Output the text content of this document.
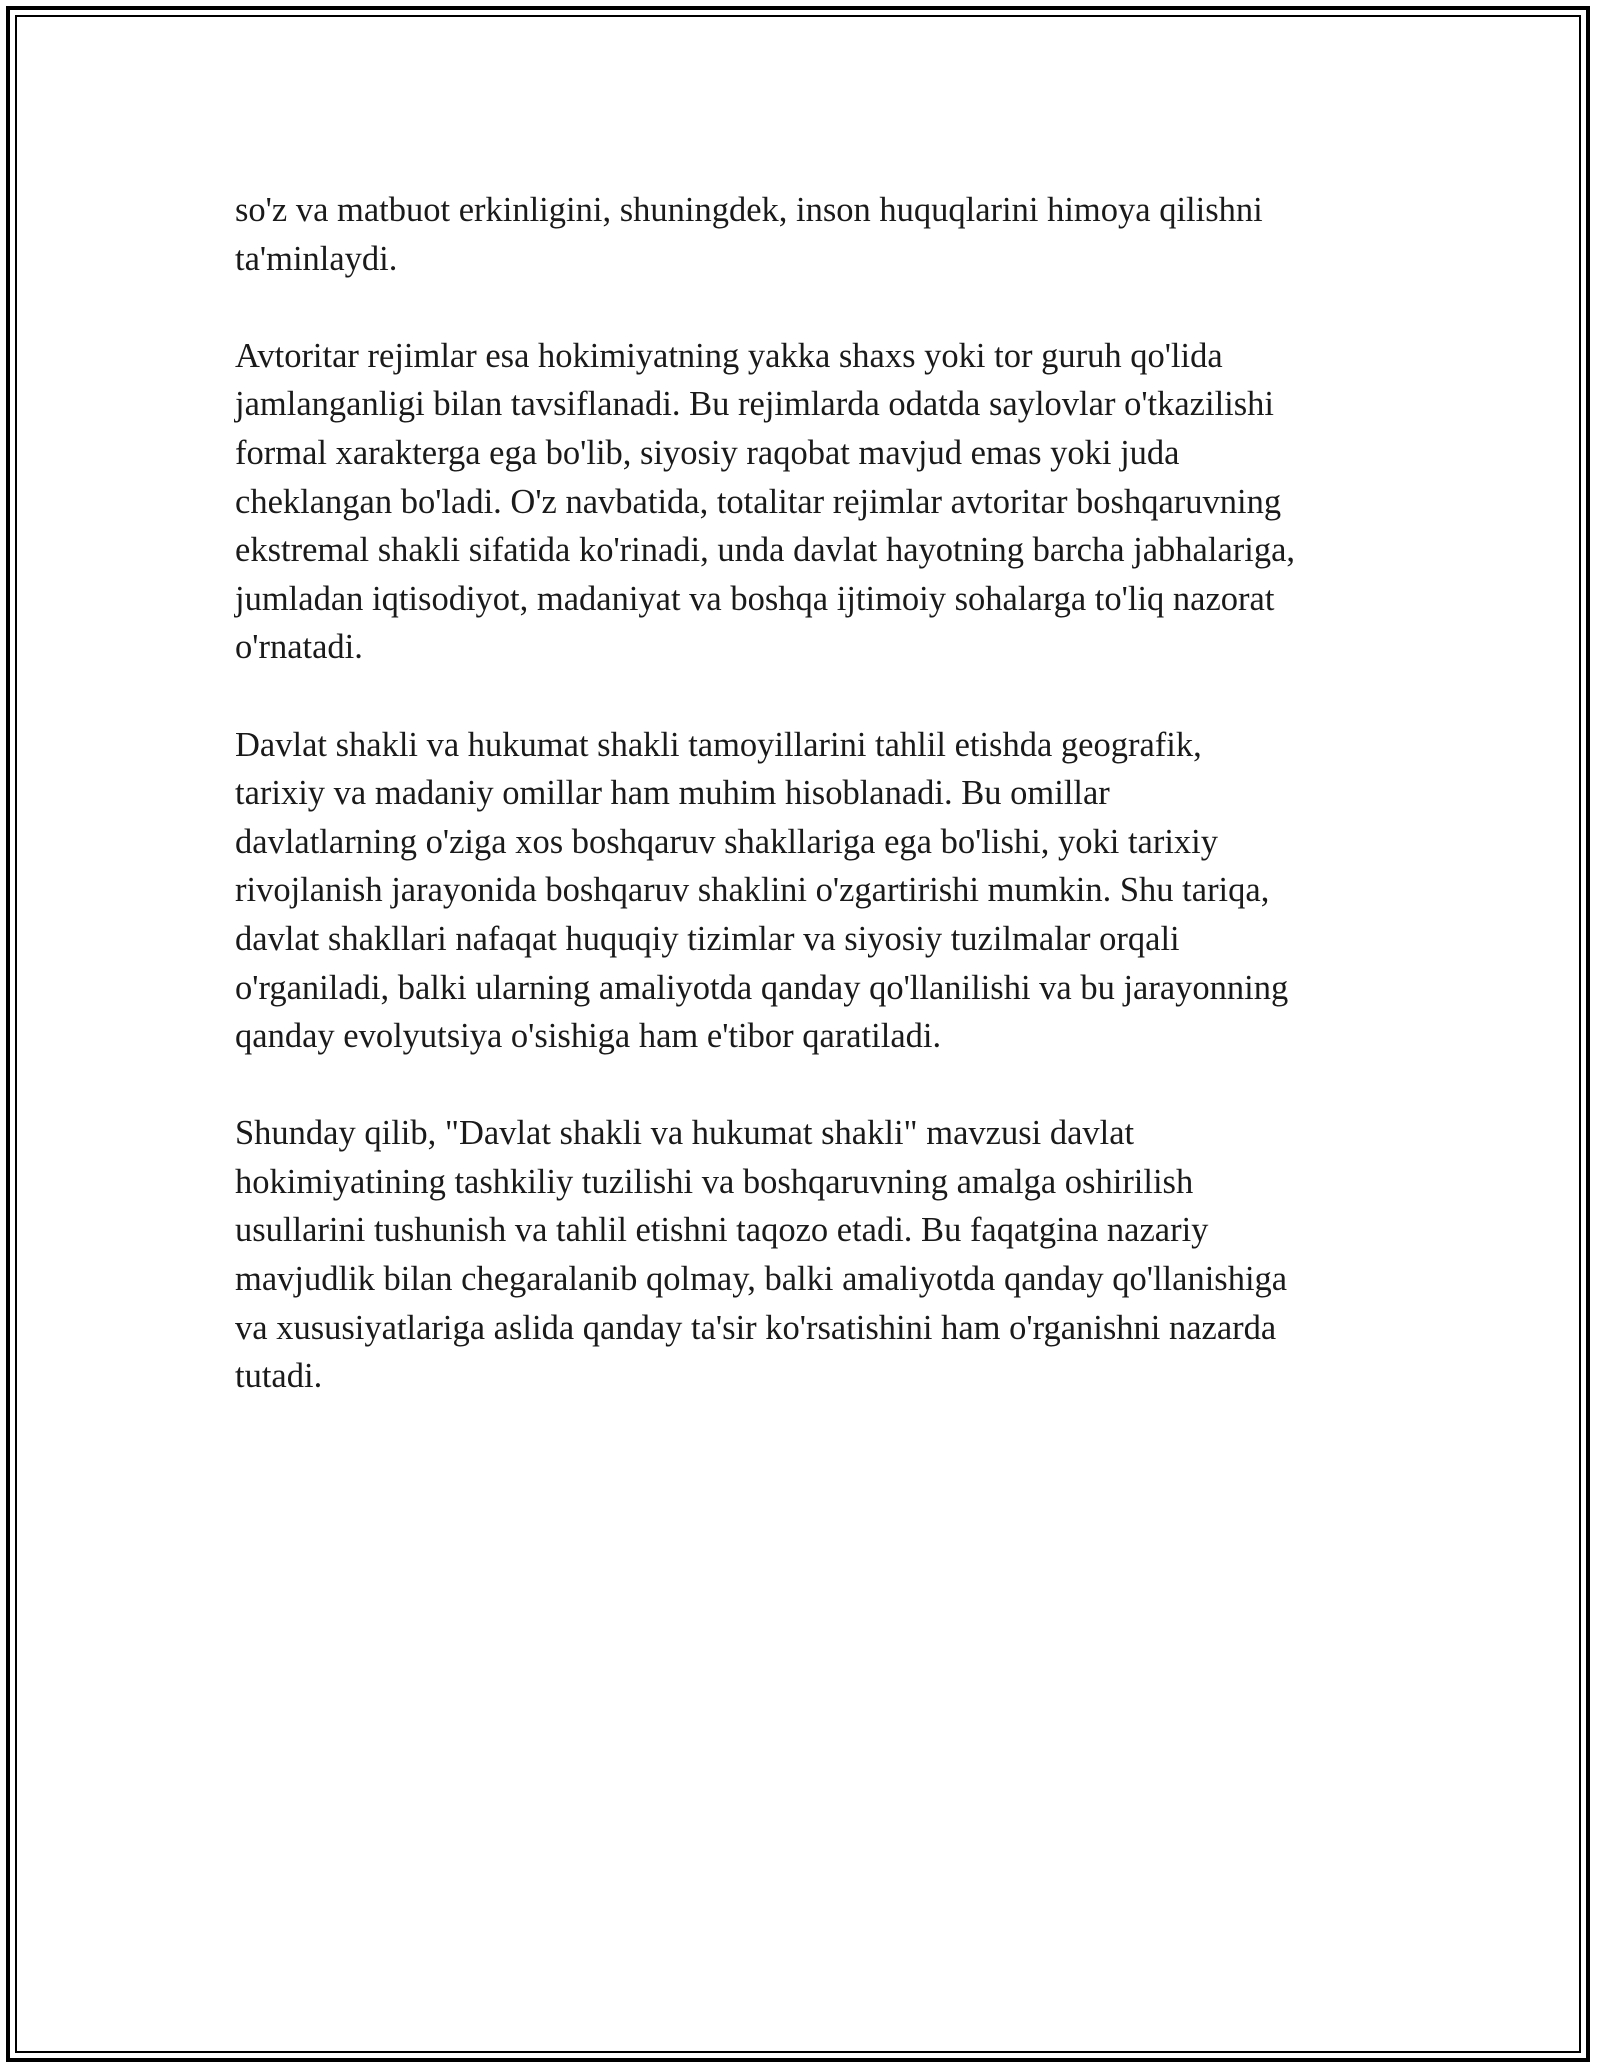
so'z va matbuot erkinligini, shuningdek, inson huquqlarini himoya qilishni
ta'minlaydi.

Avtoritar rejimlar esa hokimiyatning yakka shaxs yoki tor guruh qo'lida
jamlanganligi bilan tavsiflanadi. Bu rejimlarda odatda saylovlar o'tkazilishi
formal xarakterga ega bo'lib, siyosiy raqobat mavjud emas yoki juda
cheklangan bo'ladi. O'z navbatida, totalitar rejimlar avtoritar boshqaruvning
ekstremal shakli sifatida ko'rinadi, unda davlat hayotning barcha jabhalariga,
jumladan iqtisodiyot, madaniyat va boshqa ijtimoiy sohalarga to'liq nazorat
o'rnatadi.

Davlat shakli va hukumat shakli tamoyillarini tahlil etishda geografik,
tarixiy va madaniy omillar ham muhim hisoblanadi. Bu omillar
davlatlarning o'ziga xos boshqaruv shakllariga ega bo'lishi, yoki tarixiy
rivojlanish jarayonida boshqaruv shaklini o'zgartirishi mumkin. Shu tariqa,
davlat shakllari nafaqat huquqiy tizimlar va siyosiy tuzilmalar orqali
o'rganiladi, balki ularning amaliyotda qanday qo'llanilishi va bu jarayonning
qanday evolyutsiya o'sishiga ham e'tibor qaratiladi.

Shunday qilib, "Davlat shakli va hukumat shakli" mavzusi davlat
hokimiyatining tashkiliy tuzilishi va boshqaruvning amalga oshirilish
usullarini tushunish va tahlil etishni taqozo etadi. Bu faqatgina nazariy
mavjudlik bilan chegaralanib qolmay, balki amaliyotda qanday qo'llanishiga
va xususiyatlariga aslida qanday ta'sir ko'rsatishini ham o'rganishni nazarda
tutadi.
